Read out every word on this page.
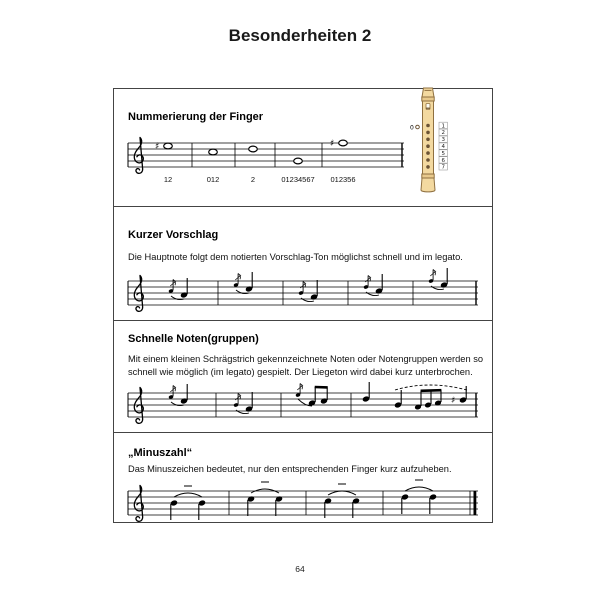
Besonderheiten 2
Nummerierung der Finger
♯	♯
12	012	2	01234567 012356
0	1
2
3
4
5
6
7
Kurzer Vorschlag
Die Hauptnote folgt dem notierten Vorschlag-Ton möglichst schnell und im legato.
Schnelle Noten(gruppen)
Mit einem kleinen Schrägstrich gekennzeichnete Noten oder Notengruppen werden so schnell wie möglich (im legato) gespielt. Der Liegeton wird dabei kurz unterbrochen.
♯
„Minuszahl“
Das Minuszeichen bedeutet, nur den entsprechenden Finger kurz aufzuheben.
64
